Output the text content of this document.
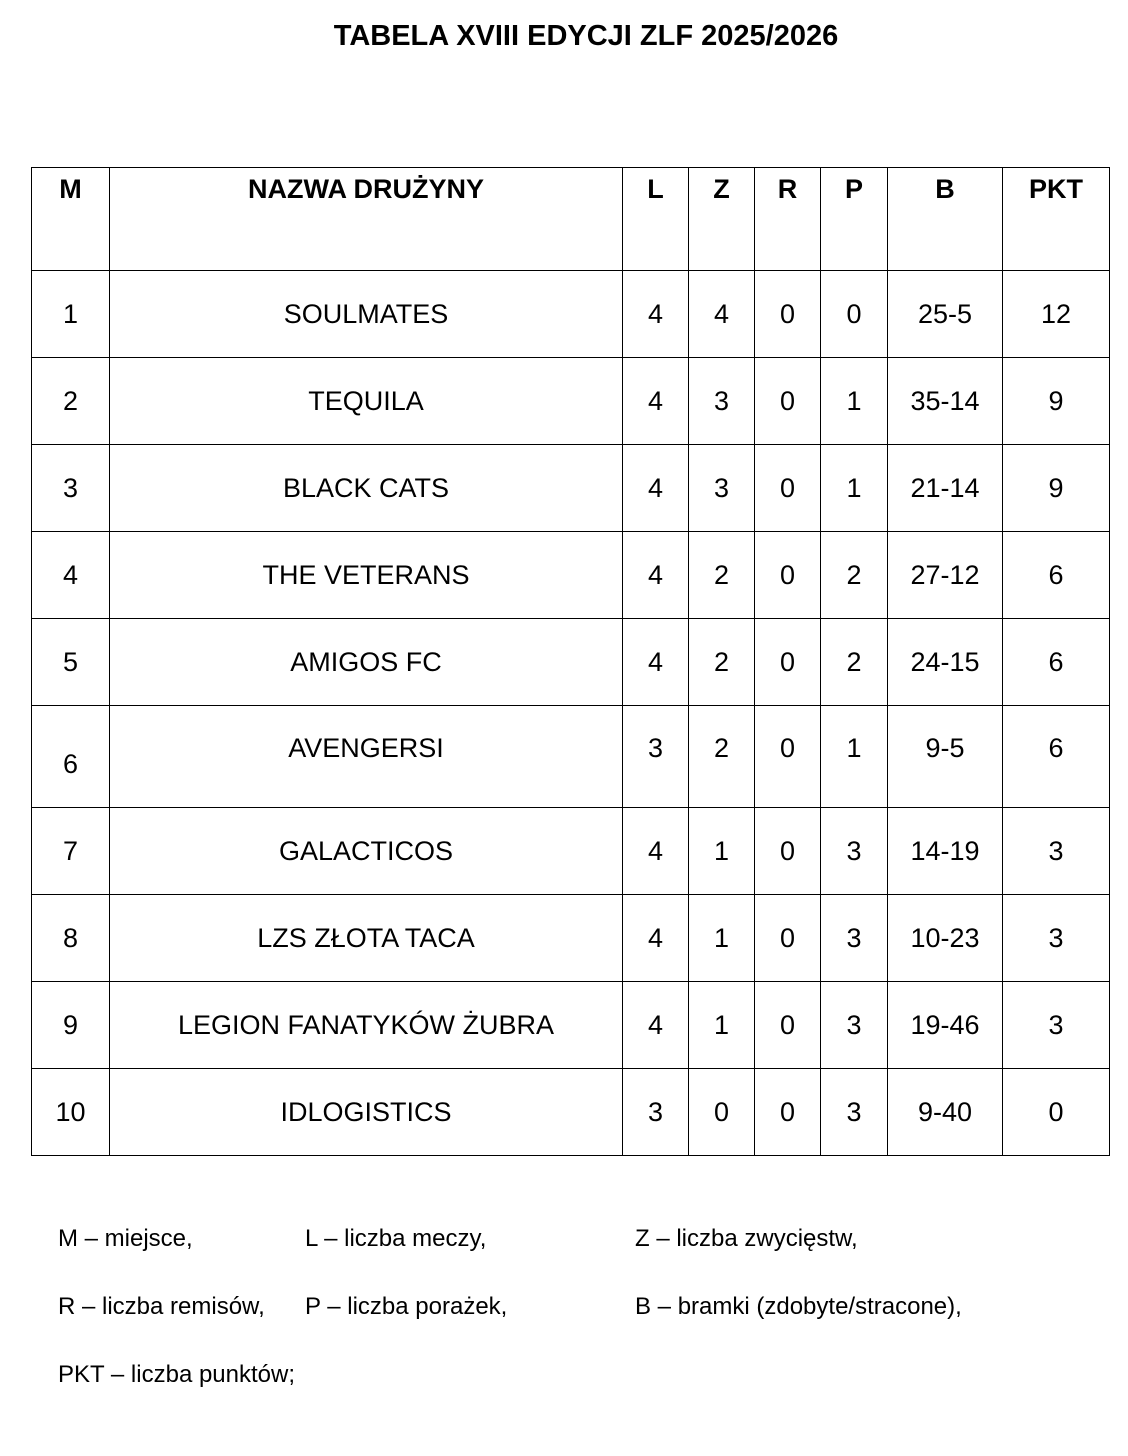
TABELA XVIII EDYCJI ZLF 2025/2026
M	NAZWA DRUŻYNY	L	Z	R	P	B	PKT
1	SOULMATES	4	4	0	0	25-5	12
2	TEQUILA	4	3	0	1	35-14	9
3	BLACK CATS	4	3	0	1	21-14	9
4	THE VETERANS	4	2	0	2	27-12	6
5	AMIGOS FC	4	2	0	2	24-15	6
6	AVENGERSI	3	2	0	1	9-5	6
7	GALACTICOS	4	1	0	3	14-19	3
8	LZS ZŁOTA TACA	4	1	0	3	10-23	3
9	LEGION FANATYKÓW ŻUBRA	4	1	0	3	19-46	3
10	IDLOGISTICS	3	0	0	3	9-40	0
M – miejsce,	L – liczba meczy,	Z – liczba zwycięstw,
R – liczba remisów, P – liczba porażek,	B – bramki (zdobyte/stracone),
PKT – liczba punktów;
